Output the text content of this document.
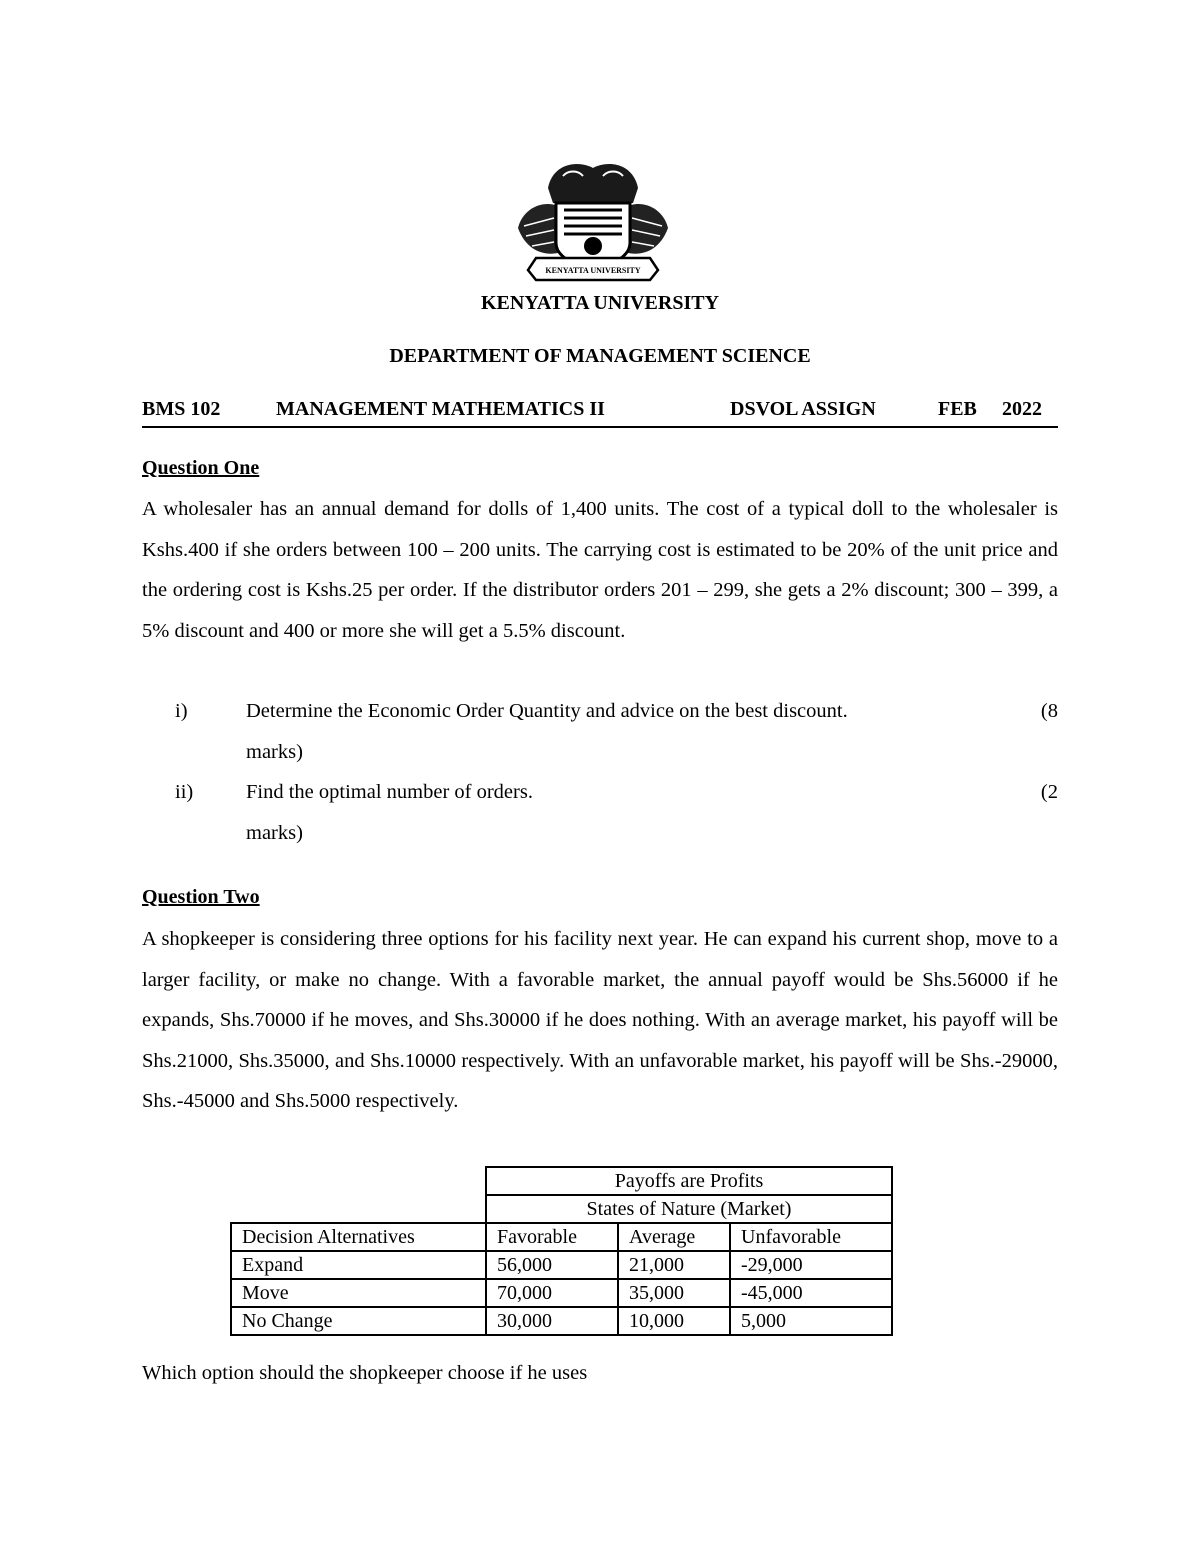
KENYATTA UNIVERSITY
KENYATTA UNIVERSITY
DEPARTMENT OF MANAGEMENT SCIENCE
BMS 102	MANAGEMENT MATHEMATICS II	DSVOL ASSIGN	FEB 2022
Question One
A wholesaler has an annual demand for dolls of 1,400 units. The cost of a typical doll to the wholesaler is Kshs.400 if she orders between 100 – 200 units. The carrying cost is estimated to be 20% of the unit price and the ordering cost is Kshs.25 per order. If the distributor orders 201 – 299, she gets a 2% discount; 300 – 399, a 5% discount and 400 or more she will get a 5.5% discount.
i)	Determine the Economic Order Quantity and advice on the best discount.	(8
marks)
ii)	Find the optimal number of orders.	(2
marks)
Question Two
A shopkeeper is considering three options for his facility next year. He can expand his current shop, move to a larger facility, or make no change. With a favorable market, the annual payoff would be Shs.56000 if he expands, Shs.70000 if he moves, and Shs.30000 if he does nothing. With an average market, his payoff will be Shs.21000, Shs.35000, and Shs.10000 respectively. With an unfavorable market, his payoff will be Shs.-29000, Shs.-45000 and Shs.5000 respectively.
	Payoffs are Profits		
	States of Nature (Market)		
Decision Alternatives	Favorable	Average	Unfavorable
Expand	56,000	21,000	-29,000
Move	70,000	35,000	-45,000
No Change	30,000	10,000	5,000
Which option should the shopkeeper choose if he uses
